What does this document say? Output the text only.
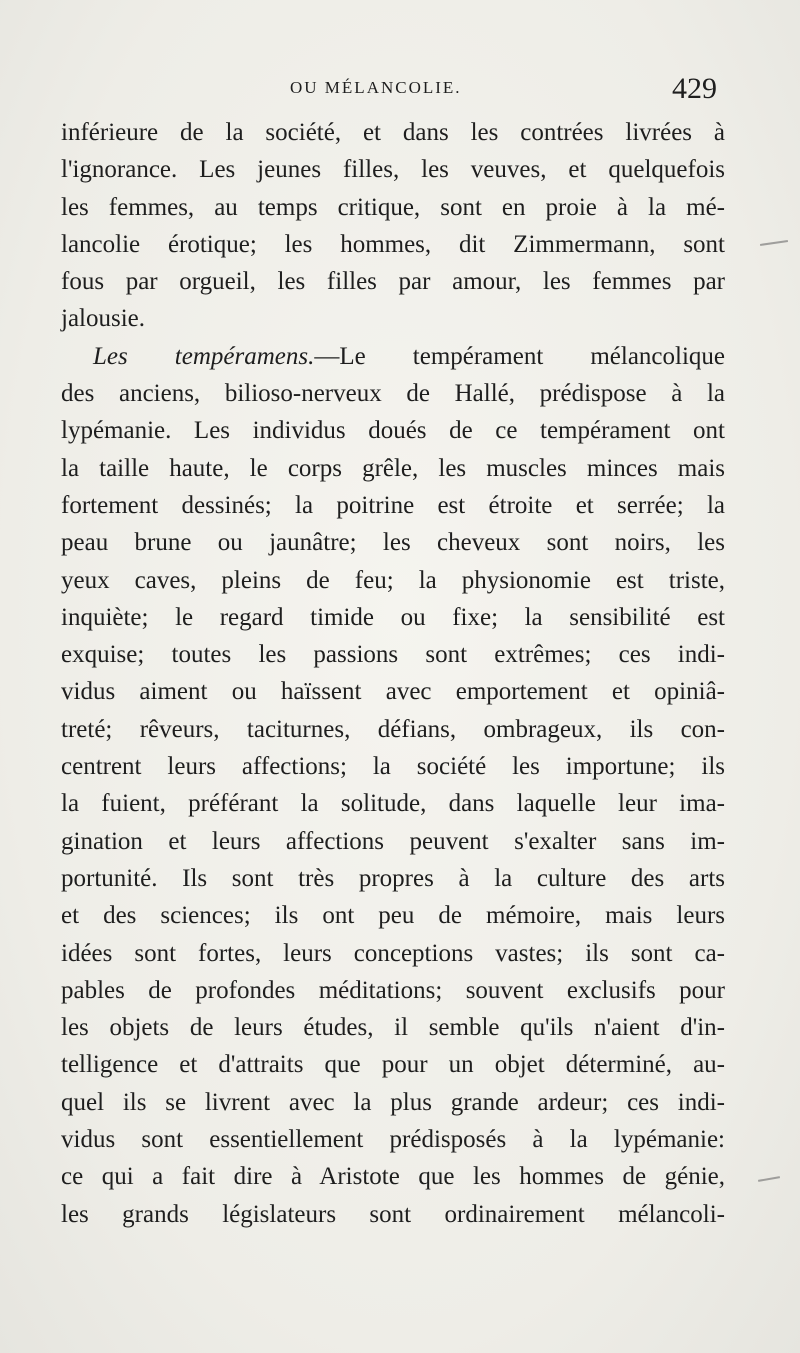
OU MÉLANCOLIE.	429
inférieure de la société, et dans les contrées livrées à
l'ignorance. Les jeunes filles, les veuves, et quelquefois
les femmes, au temps critique, sont en proie à la mé-
lancolie érotique; les hommes, dit Zimmermann, sont
fous par orgueil, les filles par amour, les femmes par
jalousie.
Les tempéramens.—Le tempérament mélancolique
des anciens, bilioso-nerveux de Hallé, prédispose à la
lypémanie. Les individus doués de ce tempérament ont
la taille haute, le corps grêle, les muscles minces mais
fortement dessinés; la poitrine est étroite et serrée; la
peau brune ou jaunâtre; les cheveux sont noirs, les
yeux caves, pleins de feu; la physionomie est triste,
inquiète; le regard timide ou fixe; la sensibilité est
exquise; toutes les passions sont extrêmes; ces indi-
vidus aiment ou haïssent avec emportement et opiniâ-
treté; rêveurs, taciturnes, défians, ombrageux, ils con-
centrent leurs affections; la société les importune; ils
la fuient, préférant la solitude, dans laquelle leur ima-
gination et leurs affections peuvent s'exalter sans im-
portunité. Ils sont très propres à la culture des arts
et des sciences; ils ont peu de mémoire, mais leurs
idées sont fortes, leurs conceptions vastes; ils sont ca-
pables de profondes méditations; souvent exclusifs pour
les objets de leurs études, il semble qu'ils n'aient d'in-
telligence et d'attraits que pour un objet déterminé, au-
quel ils se livrent avec la plus grande ardeur; ces indi-
vidus sont essentiellement prédisposés à la lypémanie:
ce qui a fait dire à Aristote que les hommes de génie,
les grands législateurs sont ordinairement mélancoli-
